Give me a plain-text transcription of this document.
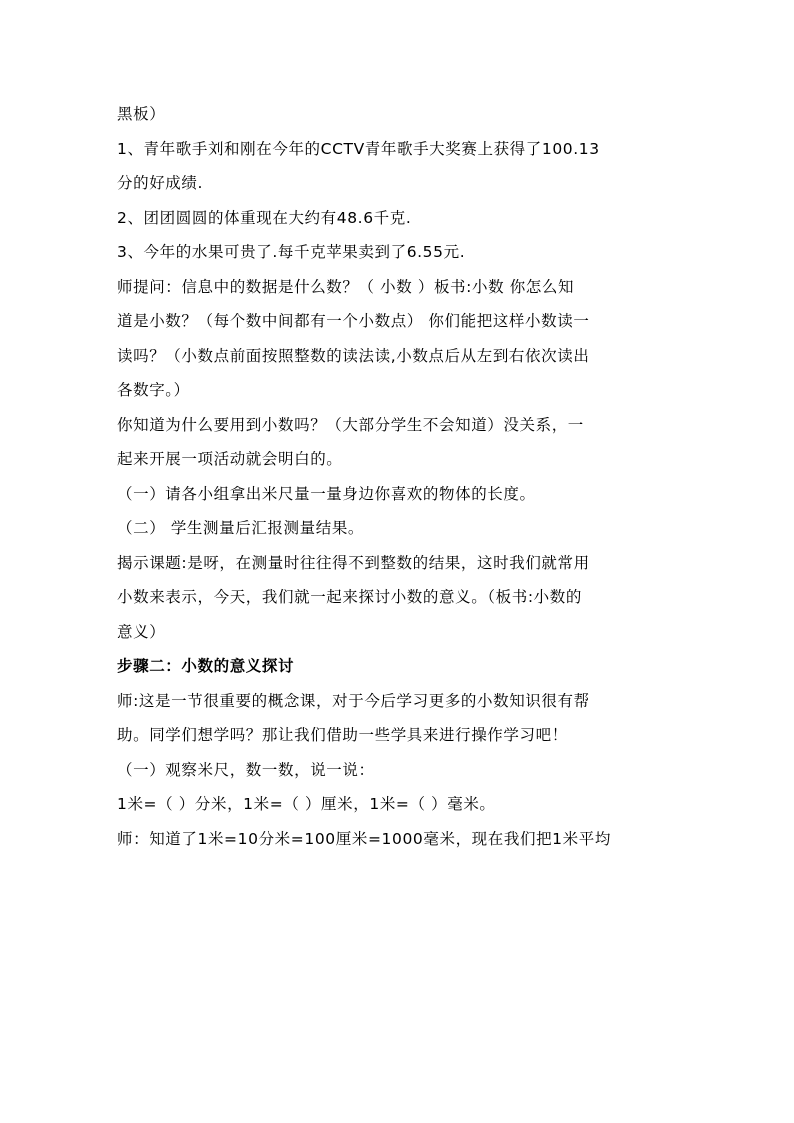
黑板）
1、青年歌手刘和刚在今年的CCTV青年歌手大奖赛上获得了100.13
分的好成绩.
2、团团圆圆的体重现在大约有48.6千克.
3、今年的水果可贵了.每千克苹果卖到了6.55元.
师提问：信息中的数据是什么数？（ 小数 ）板书:小数 你怎么知
道是小数？（每个数中间都有一个小数点） 你们能把这样小数读一
读吗？（小数点前面按照整数的读法读,小数点后从左到右依次读出
各数字。）
你知道为什么要用到小数吗？（大部分学生不会知道）没关系，一
起来开展一项活动就会明白的。
（一）请各小组拿出米尺量一量身边你喜欢的物体的长度。
（二） 学生测量后汇报测量结果。
揭示课题:是呀，在测量时往往得不到整数的结果，这时我们就常用
小数来表示，今天，我们就一起来探讨小数的意义。（板书:小数的
意义）
步骤二：小数的意义探讨
师:这是一节很重要的概念课，对于今后学习更多的小数知识很有帮
助。同学们想学吗？那让我们借助一些学具来进行操作学习吧！
（一）观察米尺，数一数，说一说：
1米=（ ）分米，1米=（ ）厘米，1米=（ ）毫米。
师：知道了1米=10分米=100厘米=1000毫米，现在我们把1米平均
